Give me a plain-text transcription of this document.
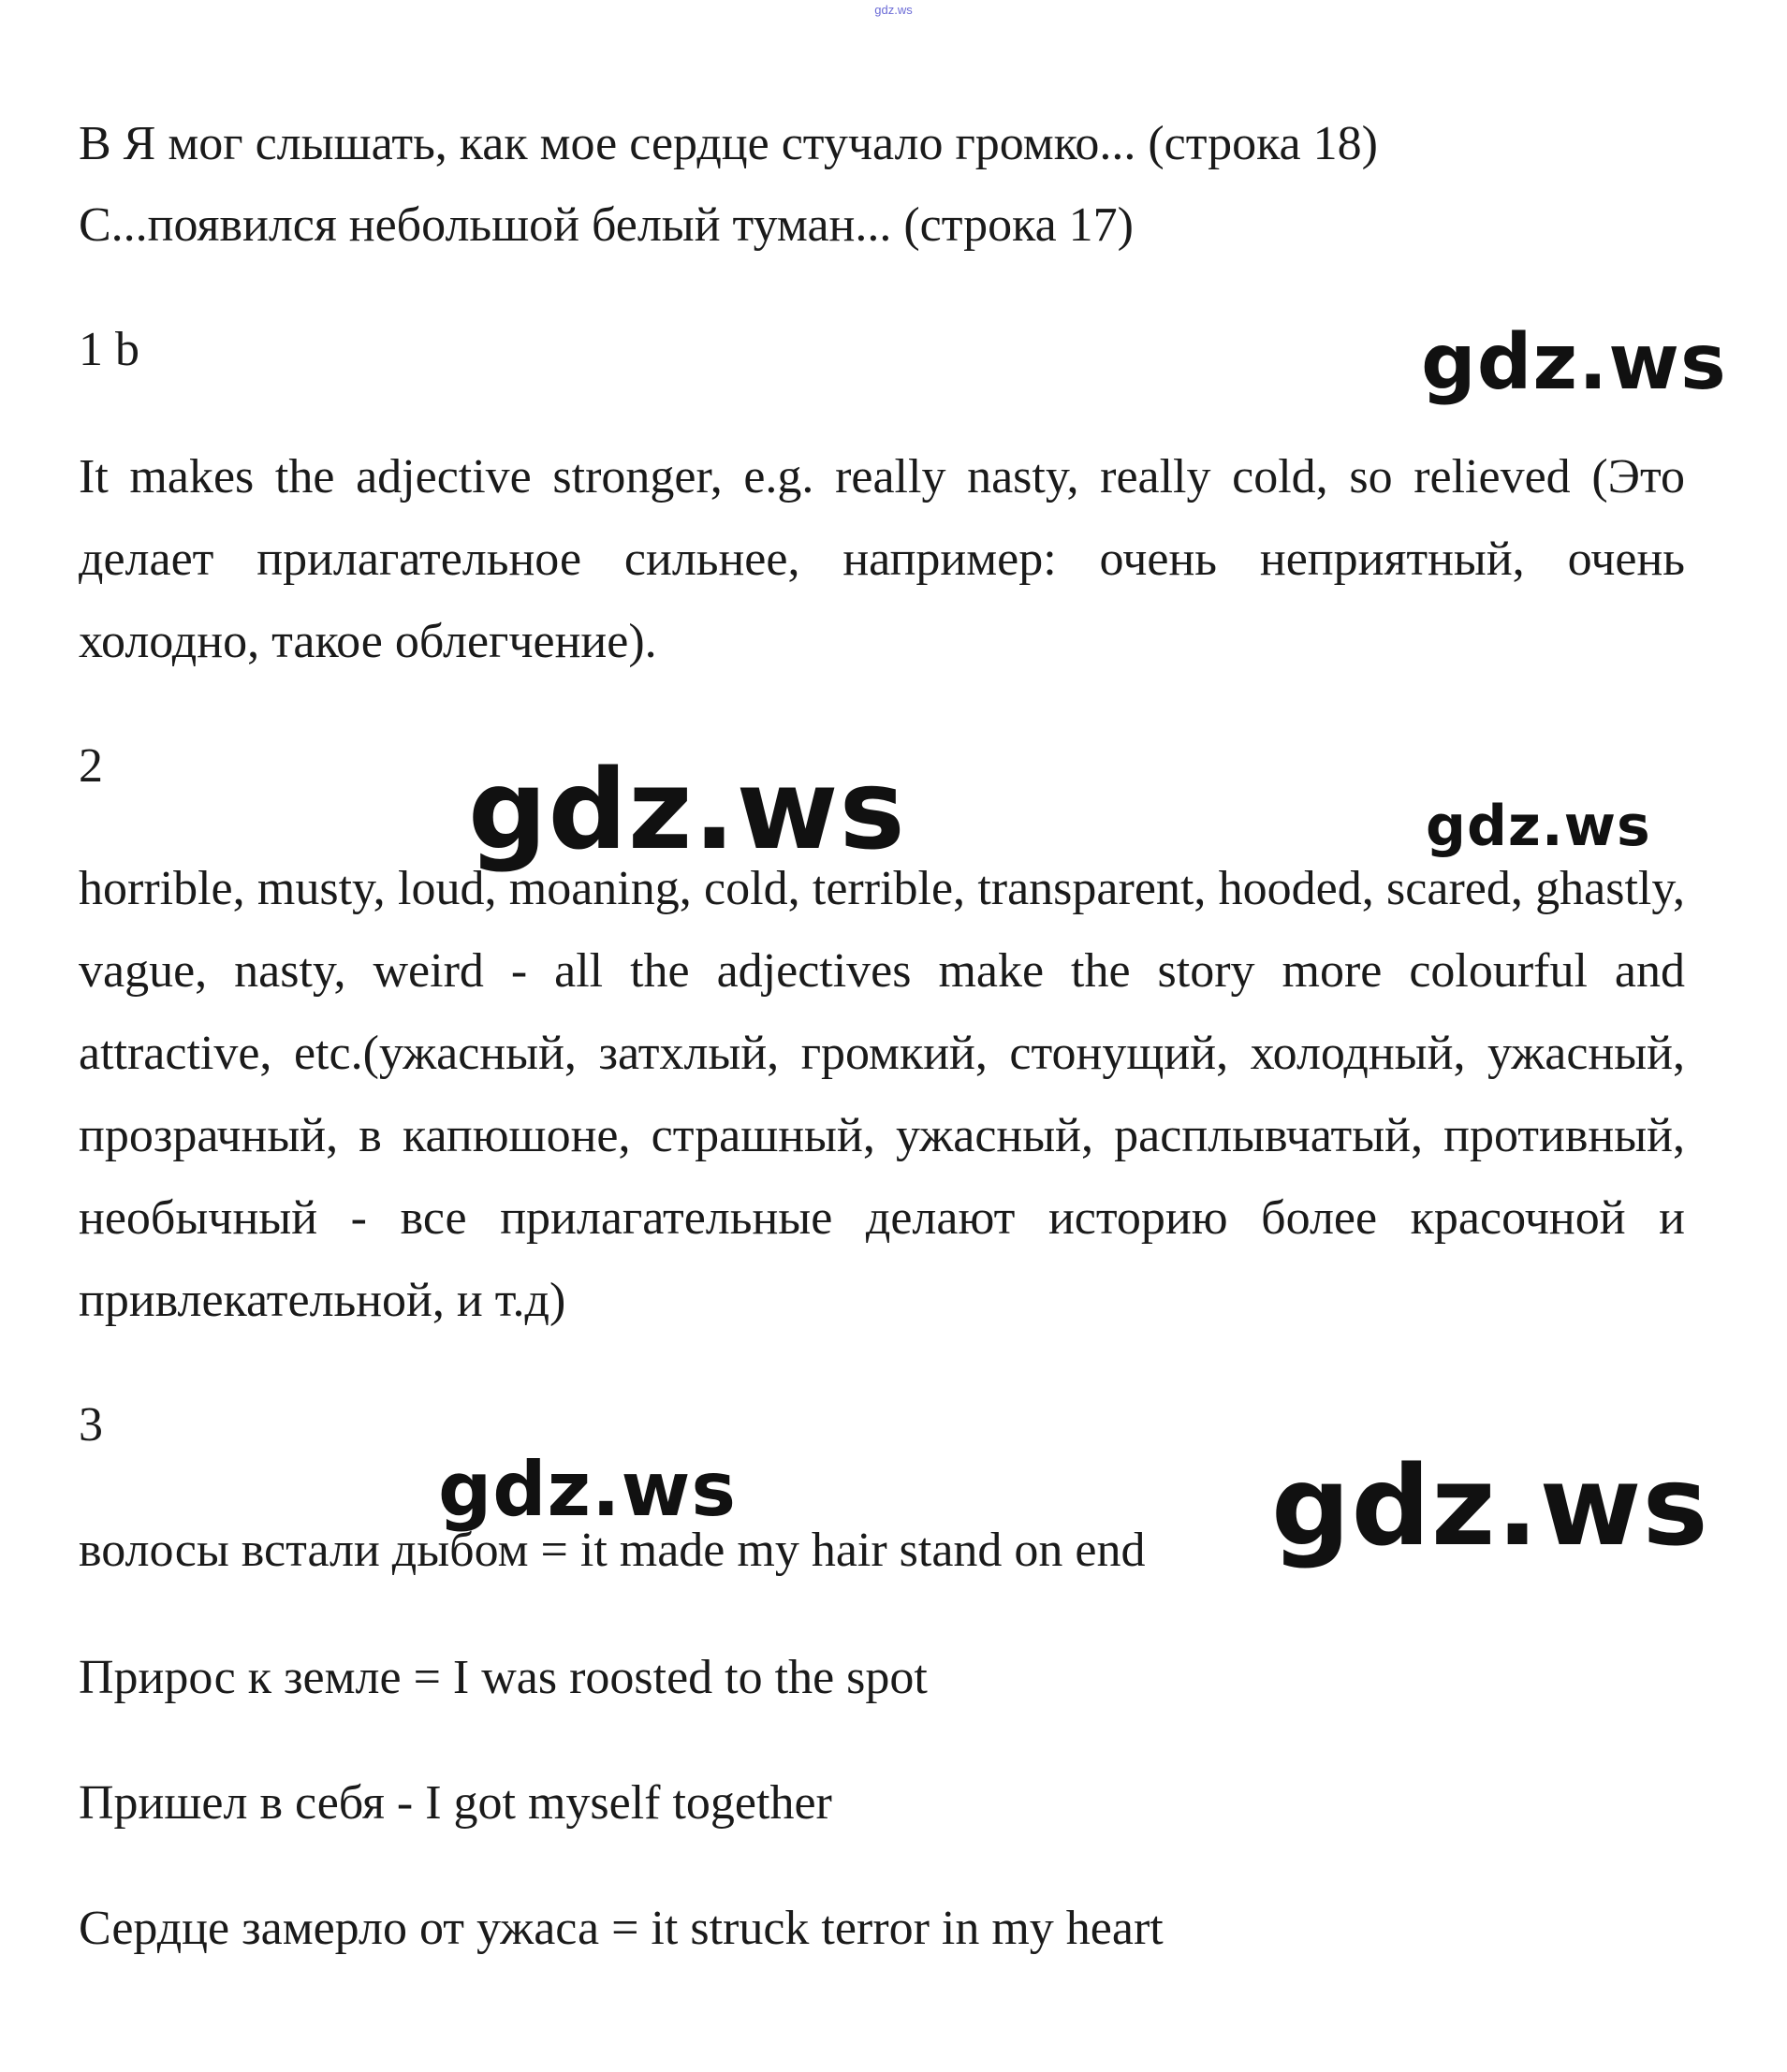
gdz.ws
В Я мог слышать, как мое сердце стучало громко... (строка 18)
С...появился небольшой белый туман... (строка 17)
1 b
It makes the adjective stronger, e.g. really nasty, really cold, so relieved (Это делает прилагательное сильнее, например: очень неприятный, очень холодно, такое облегчение).
2
horrible, musty, loud, moaning, cold, terrible, transparent, hooded, scared, ghastly, vague, nasty, weird - all the adjectives make the story more colourful and attractive, etc.(ужасный, затхлый, громкий, стонущий, холодный, ужасный, прозрачный, в капюшоне, страшный, ужасный, расплывчатый, противный, необычный - все прилагательные делают историю более красочной и привлекательной, и т.д)
3
волосы встали дыбом = it made my hair stand on end
Прирос к земле = I was roosted to the spot
Пришел в себя - I got myself together
Сердце замерло от ужаса = it struck terror in my heart
gdz.ws
gdz.ws	gdz.ws
gdz.ws	gdz.ws
